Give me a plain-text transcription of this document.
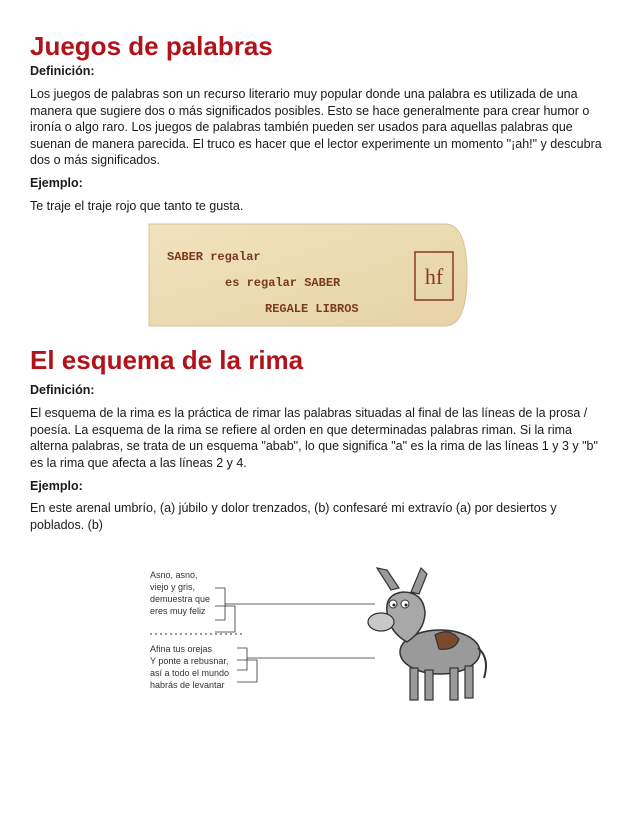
Juegos de palabras

Definición:

Los juegos de palabras son un recurso literario muy popular donde una palabra es utilizada de una manera que sugiere dos o más significados posibles. Esto se hace generalmente para crear humor o ironía o algo raro. Los juegos de palabras también pueden ser usados para aquellas palabras que suenan de manera parecida. El truco es hacer que el lector experimente un momento "¡ah!" y descubra dos o más significados.

Ejemplo:

Te traje el traje rojo que tanto te gusta.

SABER regalar
es regalar SABER
REGALE LIBROS
hf
El esquema de la rima

Definición:

El esquema de la rima es la práctica de rimar las palabras situadas al final de las líneas de la prosa / poesía. La esquema de la rima se refiere al orden en que determinadas palabras riman. Si la rima alterna palabras, se trata de un esquema "abab", lo que significa "a" es la rima de las líneas 1 y 3 y "b" es la rima que afecta a las líneas 2 y 4.

Ejemplo:

En este arenal umbrío, (a) júbilo y dolor trenzados, (b) confesaré mi extravío (a) por desiertos y poblados. (b)

Asno, asno,
viejo y gris,
demuestra que
eres muy feliz
Afina tus orejas
Y ponte a rebusnar,
así a todo el mundo
habrás de levantar
